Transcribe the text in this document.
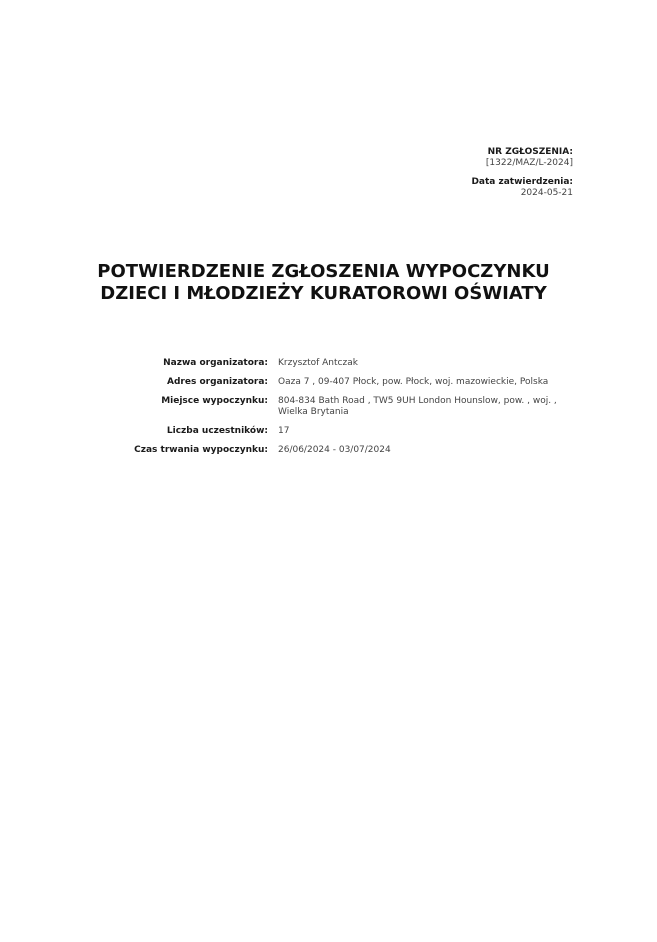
NR ZGŁOSZENIA:
[1322/MAZ/L-2024]
Data zatwierdzenia:
2024-05-21
POTWIERDZENIE ZGŁOSZENIA WYPOCZYNKU
DZIECI I MŁODZIEŻY KURATOROWI OŚWIATY
Nazwa organizatora: Krzysztof Antczak
Adres organizatora: Oaza 7 , 09-407 Płock, pow. Płock, woj. mazowieckie, Polska
Miejsce wypoczynku: 804-834 Bath Road , TW5 9UH London Hounslow, pow. , woj. , Wielka Brytania
Liczba uczestników: 17
Czas trwania wypoczynku: 26/06/2024 - 03/07/2024
